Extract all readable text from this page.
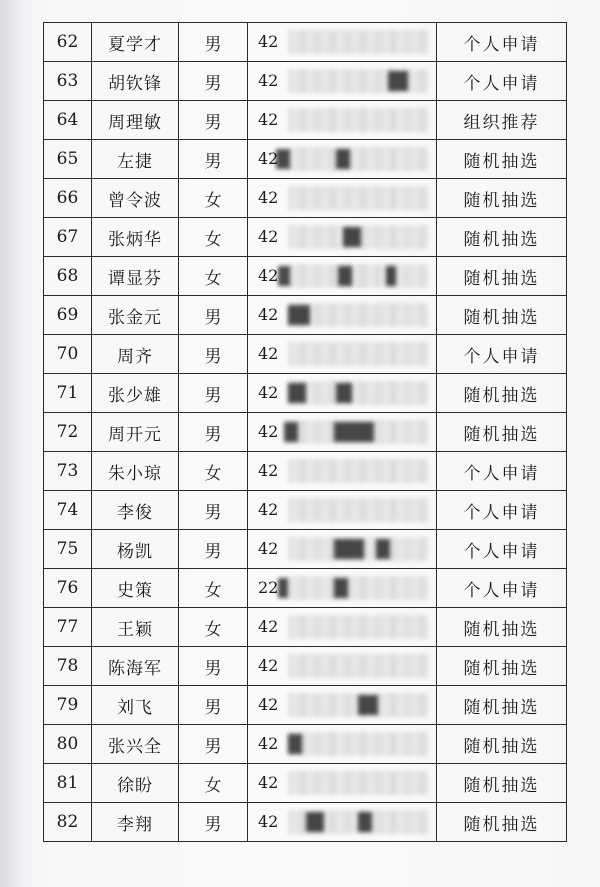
62	夏学才	男	42	个人申请
63	胡钦锋	男	42	个人申请
64	周理敏	男	42	组织推荐
65	左捷	男	42	随机抽选
66	曾令波	女	42	随机抽选
67	张炳华	女	42	随机抽选
68	谭显芬	女	42	随机抽选
69	张金元	男	42	随机抽选
70	周齐	男	42	个人申请
71	张少雄	男	42	随机抽选
72	周开元	男	42	随机抽选
73	朱小琼	女	42	个人申请
74	李俊	男	42	个人申请
75	杨凯	男	42	个人申请
76	史策	女	22	个人申请
77	王颖	女	42	随机抽选
78	陈海军	男	42	随机抽选
79	刘飞	男	42	随机抽选
80	张兴全	男	42	随机抽选
81	徐盼	女	42	随机抽选
82	李翔	男	42	随机抽选
